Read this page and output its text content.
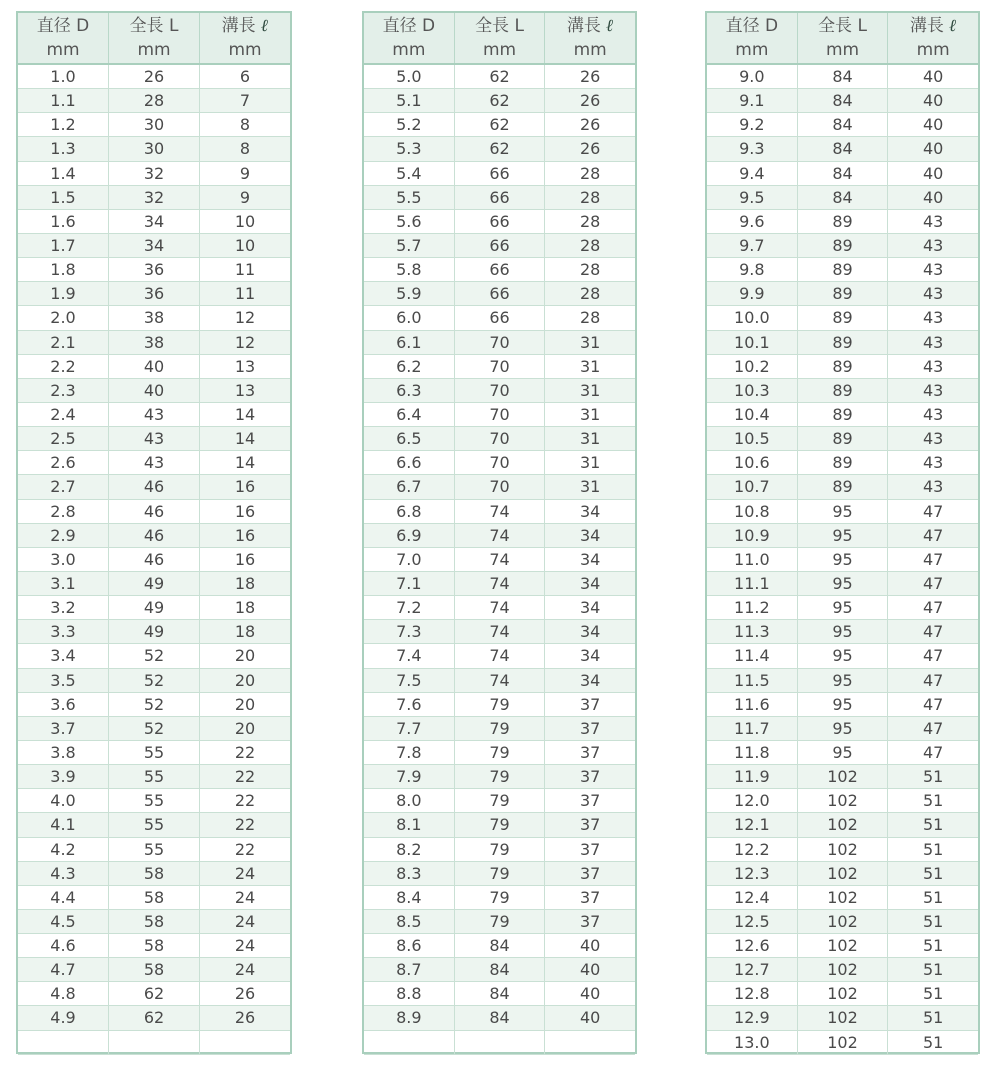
直径 D
mm
全長 L
mm
溝長 ℓ
mm
1.0	26	6
1.1	28	7
1.2	30	8
1.3	30	8
1.4	32	9
1.5	32	9
1.6	34	10
1.7	34	10
1.8	36	11
1.9	36	11
2.0	38	12
2.1	38	12
2.2	40	13
2.3	40	13
2.4	43	14
2.5	43	14
2.6	43	14
2.7	46	16
2.8	46	16
2.9	46	16
3.0	46	16
3.1	49	18
3.2	49	18
3.3	49	18
3.4	52	20
3.5	52	20
3.6	52	20
3.7	52	20
3.8	55	22
3.9	55	22
4.0	55	22
4.1	55	22
4.2	55	22
4.3	58	24
4.4	58	24
4.5	58	24
4.6	58	24
4.7	58	24
4.8	62	26
4.9	62	26
直径 D
mm
全長 L
mm
溝長 ℓ
mm
5.0	62	26
5.1	62	26
5.2	62	26
5.3	62	26
5.4	66	28
5.5	66	28
5.6	66	28
5.7	66	28
5.8	66	28
5.9	66	28
6.0	66	28
6.1	70	31
6.2	70	31
6.3	70	31
6.4	70	31
6.5	70	31
6.6	70	31
6.7	70	31
6.8	74	34
6.9	74	34
7.0	74	34
7.1	74	34
7.2	74	34
7.3	74	34
7.4	74	34
7.5	74	34
7.6	79	37
7.7	79	37
7.8	79	37
7.9	79	37
8.0	79	37
8.1	79	37
8.2	79	37
8.3	79	37
8.4	79	37
8.5	79	37
8.6	84	40
8.7	84	40
8.8	84	40
8.9	84	40
直径 D
mm
全長 L
mm
溝長 ℓ
mm
9.0	84	40
9.1	84	40
9.2	84	40
9.3	84	40
9.4	84	40
9.5	84	40
9.6	89	43
9.7	89	43
9.8	89	43
9.9	89	43
10.0	89	43
10.1	89	43
10.2	89	43
10.3	89	43
10.4	89	43
10.5	89	43
10.6	89	43
10.7	89	43
10.8	95	47
10.9	95	47
11.0	95	47
11.1	95	47
11.2	95	47
11.3	95	47
11.4	95	47
11.5	95	47
11.6	95	47
11.7	95	47
11.8	95	47
11.9	102	51
12.0	102	51
12.1	102	51
12.2	102	51
12.3	102	51
12.4	102	51
12.5	102	51
12.6	102	51
12.7	102	51
12.8	102	51
12.9	102	51
13.0	102	51
